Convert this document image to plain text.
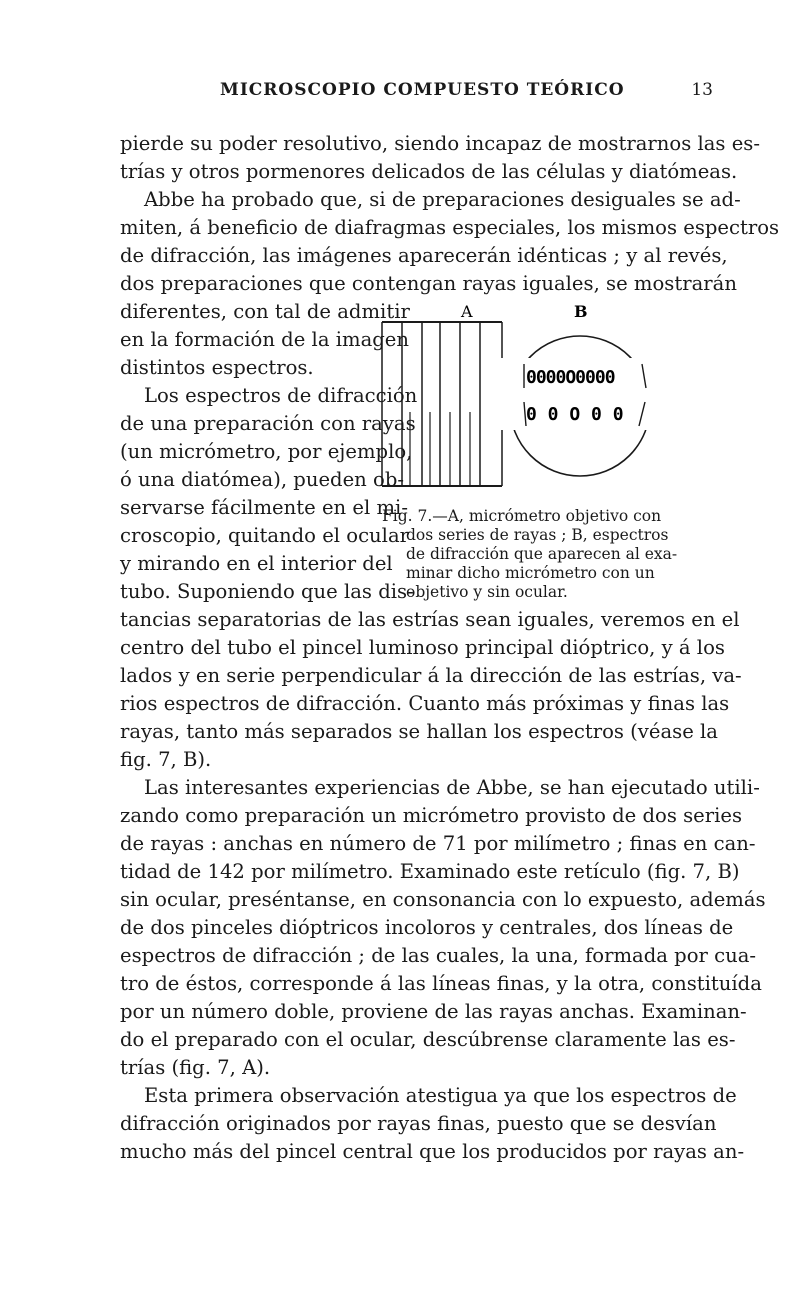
MICROSCOPIO COMPUESTO TEÓRICO	13
pierde su poder resolutivo, siendo incapaz de mostrarnos las es-
trías y otros pormenores delicados de las células y diatómeas.
Abbe ha probado que, si de preparaciones desiguales se ad-
miten, á beneficio de diafragmas especiales, los mismos espectros
de difracción, las imágenes aparecerán idénticas ; y al revés,
dos preparaciones que contengan rayas iguales, se mostrarán
diferentes, con tal de admitir
en la formación de la imagen
distintos espectros.
Los espectros de difracción
de una preparación con rayas
(un micrómetro, por ejemplo,
ó una diatómea), pueden ob-
servarse fácilmente en el mi-
croscopio, quitando el ocular
y mirando en el interior del
tubo. Suponiendo que las dis-
A	B
0000O0000
0 0 O 0 0
Fig. 7.—A, micrómetro objetivo con
dos series de rayas ; B, espectros
de difracción que aparecen al exa-
minar dicho micrómetro con un
objetivo y sin ocular.
tancias separatorias de las estrías sean iguales, veremos en el
centro del tubo el pincel luminoso principal dióptrico, y á los
lados y en serie perpendicular á la dirección de las estrías, va-
rios espectros de difracción. Cuanto más próximas y finas las
rayas, tanto más separados se hallan los espectros (véase la
fig. 7, B).
Las interesantes experiencias de Abbe, se han ejecutado utili-
zando como preparación un micrómetro provisto de dos series
de rayas : anchas en número de 71 por milímetro ; finas en can-
tidad de 142 por milímetro. Examinado este retículo (fig. 7, B)
sin ocular, preséntanse, en consonancia con lo expuesto, además
de dos pinceles dióptricos incoloros y centrales, dos líneas de
espectros de difracción ; de las cuales, la una, formada por cua-
tro de éstos, corresponde á las líneas finas, y la otra, constituída
por un número doble, proviene de las rayas anchas. Examinan-
do el preparado con el ocular, descúbrense claramente las es-
trías (fig. 7, A).
Esta primera observación atestigua ya que los espectros de
difracción originados por rayas finas, puesto que se desvían
mucho más del pincel central que los producidos por rayas an-
